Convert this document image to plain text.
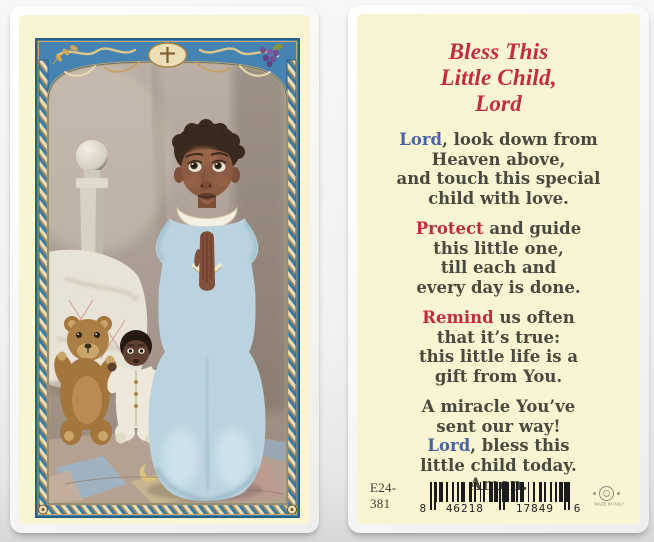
Bless This
Little Child,
Lord
Lord, look down from
Heaven above,
and touch this special
child with love.
Protect and guide
this little one,
till each and
every day is done.
Remind us often
that it’s true:
this little life is a
gift from You.
A miracle You’ve
sent our way!
Lord, bless this
little child today.
E24-381	8	46218	17849	6	MADE IN ITALY
